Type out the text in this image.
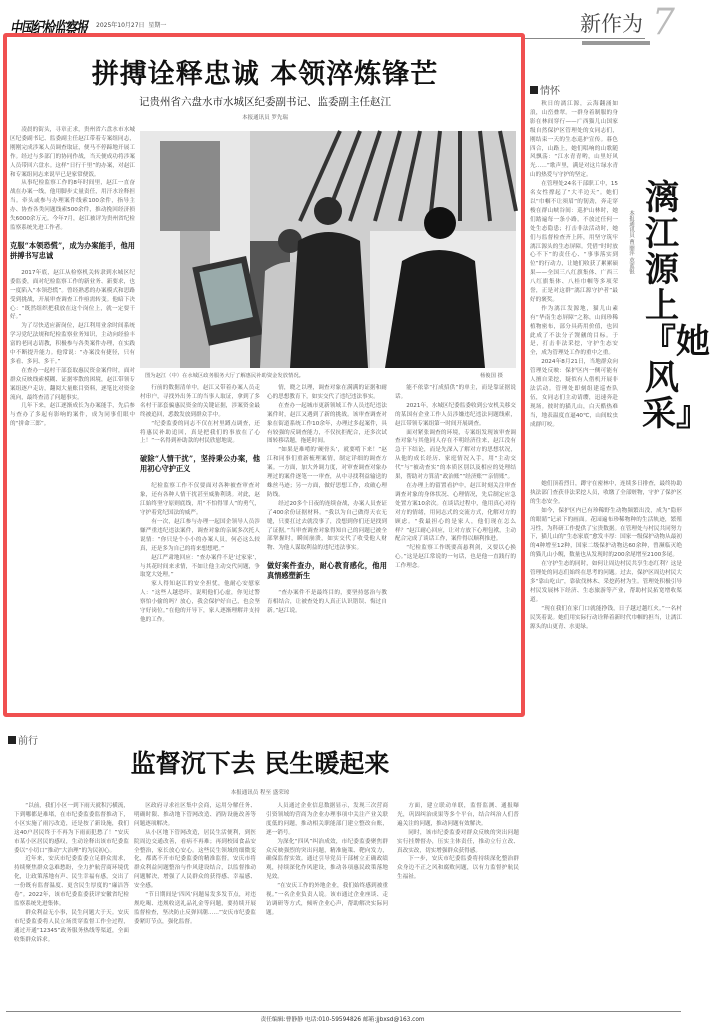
中国纪检监察报 2025年10月27日 星期一	新作为 7
拼搏诠释忠诚 本领淬炼锋芒
记贵州省六盘水市水城区纪委副书记、监委副主任赵江
本报通讯员 罗先瑞

凌晨的街头，寻章正求，贵州省六盘水市水城区纪委副书记、监委副主任赵江带着专案组同志，刚刚完成涉案人员调查取证，便马不停蹄地开展工作。经过与多部门的协同作战，当天便成功将涉案人员带回六盘水。这样“日行千里”的办案，对赵江和专案组同志来说早已是家常便饭。

从事纪检监察工作的8年时间里，赵江一直奋战在办案一线，他用脚步丈量责任，用汗水诠释担当。牵头或参与办理案件线索100余件，指导主办、协查各类问题线索500余件，推动挽回经济损失6000余万元。今年7月，赵江被评为贵州省纪检监察系统先进工作者。

克服“本领恐慌”，成为办案能手，他用拼搏书写忠诚

2017年底，赵江从检察机关转隶到水城区纪委监委，面对纪检监察工作的新业务、新要求，也一度陷入“本领恐慌”。曾经熟悉的办案模式和思路受到挑战，开展审查调查工作亟需转变。他暗下决心：“既然组织把我放在这个岗位上，就一定要干好。”

为了尽快适应新岗位，赵江利用业余时间系统学习党纪法规和纪检监察业务知识，主动向经验丰富的老同志请教，积极参与各类案件办理，在实践中不断提升能力。他常说：“办案没有捷径，只有多看、多问、多干。”

在查办一起村干部套取惠民资金案件时，面对群众反映线索模糊、证据零散的困境，赵江带领专案组逐户走访，翻阅大量账目资料，逐笔比对资金流向，最终查清了问题事实。

几年下来，赵江逐渐成长为办案能手，先后参与查办了多起有影响的案件，成为同事们眼中的“拼命三郎”。

图为赵江（中）在水城区政务服务大厅了解惠民补助资金发放情况。	杨俊国 摄

行前的数据清单中，赵江又带着办案人员走村串户，寻找外出务工的当事人取证，拿到了多名村干部套骗惠民资金的关键证据，涉案资金最终被追回，悉数发放到群众手中。

“纪委监委的同志不仅在村里蹲点调查，还将惠民补助追回，真是把我们的事放在了心上！”一名得到补助款的村民欣慰地说。

破除“人情干扰”，坚持秉公办案，他用初心守护正义

纪检监察工作不仅要面对各种被查审查对象，还有各种人情干扰甚至威胁利诱。对此，赵江始终坚守原则底线，用“不怕得罪人”的勇气，守护着党纪国法的威严。

有一次，赵江参与办理一起国企领导人员涉嫌严重违纪违法案件，调查对象的亲属多次托人说情：“你只是个小小的办案人员，何必这么较真，还是多为自己的将来想想吧。”

赵江严肃地回应：“查办案件不是‘过家家’，与其花时间来求情，不如让他主动交代问题，争取宽大处理。”

家人得知赵江的安全担忧，他耐心安慰家人：“这些人越恐吓，说明他们心虚，你见过警察怕小偷的吗？放心，我会保护好自己，也会坚守好岗位。”在他的开导下，家人逐渐理解并支持他的工作。

情，晓之以理，调查对象在满满的证据和耐心的思想教育下，如实交代了违纪违法事实。

在查办一起城市更新领域工作人员违纪违法案件时，赵江又遇到了新的挑战。该审查调查对象在街道系统工作10余年，办理过多起案件，具有较强的反调查能力，不仅抗拒配合，还多次试图转移话题，拖延时间。

“如果是难啃的‘硬骨头’，就要啃下来！”赵江和同事们重新梳理案情，制定详细的调查方案。一方面，加大外调力度，对审查调查对象办理过的案件逐笔一一审查，从中寻找利益输送的蛛丝马迹；另一方面，做好思想工作，攻破心理防线。

经过20多个日夜的连续奋战，办案人员查证了400余份证据材料。“我以为自己做得天衣无缝，只要扛过去就没事了，没想到你们还是找到了证据。”当审查调查对象得知自己的问题已被全部掌握时，瞬间崩溃，如实交代了收受他人财物、为他人谋取利益的违纪违法事实。

做好案件查办，耐心教育感化，他用真情感塑新生

“查办案件不是最终目的，要坚持惩治与教育相结合，让被查处的人真正认识错误、悔过自新。”赵江说。

能不依靠“打成招供”的单主，而是靠证据说话。

2021年，水城区纪委监委收到公安机关移交的某国有企业工作人员涉嫌违纪违法问题线索，赵江带领专案组第一时间开展调查。

面对紧张调查的环境，专案组发现该审查调查对象与其他同人存在不明经济往来，赵江没有急于下结论，而是先深入了解对方的思想状况，从他的成长经历、家庭情况入手，用“主动交代”与“被动查实”的本质区别以及相应的处理结果，帮助对方算清“政治账”“经济账”“亲情账”。

在办理上的留置看护中，赵江时刻关注审查调查对象的身体状况、心理情况，先后制定应急处置方案10余次。在谈话过程中，他用真心对待对方的情绪，用同志式的交流方式，化解对方的顾虑。“我最担心的是家人，他们现在怎么样？”赵江耐心回应，让对方放下心理包袱，主动配合完成了谈话工作，案件得以顺利推进。

“纪检监察工作既要高悬利剑，又要以心换心。”这是赵江常说的一句话，也是他一直践行的工作理念。

情怀

秋日的漓江源，云海翻涌如浪，山峦叠翠。一群身着制服的身影在林间穿行——广西猫儿山国家级自然保护区管理处的女同志们，刚结束一天的生态巡护宣传。暮色四合，山路上，她们唱响的山歌随风飘荡：“江水青青哟，山里好风光……”歌声里，满是对这片绿水青山的热爱与守护的坚定。

在管理处24名干部职工中，15名女性撑起了“大半边天”。她们以“巾帼不让须眉”的韧劲，奔走穿梭在群山峡谷间：巡护山林时，她们踏遍每一条小路，不放过任何一处生态隐患；打击非法活动时，她们与监督检查齐上阵，用坚守筑牢漓江源头的生态屏障。凭借“时时放心不下”的责任心、“事事落实到位”的行动力，让她们收获了累累硕果——全国三八红旗集体、广西三八红旗集体、八桂巾帼等多项荣誉，正是对这群“漓江源守护者”最好的褒奖。

作为漓江发源地，猫儿山素有“华南生态屏障”之称，山间珍稀植物密布，部分具药用价值，也因此成了不法分子觊觎的目标。于是，打击非法采挖，守护生态安全，成为管理处工作的重中之重。

2024年8月21日，当地群众向管理处反映：保护区内一侧可能有人擅自采挖，疑似有人借机开展非法活动。管理处即刻组建巡查队伍，女同志们主动请缨，迅速奔赴现场。彼时的猫儿山，白天酷热难当，地表温度直逼40℃，山间蚊虫成群叮咬。

本报通讯员 曹丽萍 莫蓝银
漓江源上『她风采』

她们顶着烈日，蹲守在密林中，连续多日排查，最终协助执法部门查获非法采挖人员，收缴了全部赃物，守护了保护区的生态安全。

如今，保护区内已有珍稀野生动物频繁出没，成为“隐形的眼睛”记录下的画面。花园遍布珍稀物种的生活轨迹，繁殖习性，为科研工作提供了宝贵数据。在管理处与村民共同努力下，猫儿山的“生态家底”愈发丰厚：国家一级保护动物从最初的4种增至12种，国家二级保护动物达60余种，曾濒临灭绝的猫儿山小鲵，数量也从发现时的200余尾增至2100多尾。

在守护生态的同时，如何让周边村民共享生态红利？这是管理处的同志们始终在思考的问题。过去，保护区周边村民大多“靠山吃山”，靠砍伐林木、采挖药材为生。管理处积极引导村民发展林下经济、生态旅游等产业，帮助村民拓宽增收渠道。

“现在我们在家门口就能挣钱，日子越过越红火。”一名村民笑着说。她们用实际行动诠释着新时代巾帼的担当，让漓江源头的山更青、水更绿。

前行
监督沉下去 民生暖起来
本报通讯员 程至 盛荣琼

“以前，我们小区一到下雨天就积污横流，下到哪都是难堵，在市纪委监委监督推动下，小区实施了雨污改造，还是按了新设施，我们这40户居民终于不再为下雨而犯愁了！”安庆市某小区居民的感叹，生动诠释出该市纪委监委以“小切口”推动“大治理”的为民初心。

近年来，安庆市纪委监委立足群众需求，持续聚焦群众急难愁盼，全力护航营商环境优化，让政策落地有声、民生幸福有感，交出了一份既有监督温度、更含民生厚度的“廉洁答卷”。2022年，该市纪委监委获评安徽省纪检监察系统先进集体。

群众利益无小事，民生问题大于天。安庆市纪委监委将人民立场贯穿监督工作全过程，通过开通“12345”政务服务热线等渠道，全面收集群众诉求。

区政府寻求社区集中会商，运用分解任务、明确时限、推动地下管网改造、消防设施改善等问题逐项解决。

从小区地下管网改造，居民生活便利，到医院周边交通改善，看病不再难；再到校园食品安全整治，家长放心安心。这些民生领域的细微变化，都离不开市纪委监委的精准监督。安庆市将群众利益问题整治与作风建设结合，以监督推动问题解决，增强了人民群众的获得感、幸福感、安全感。

“节日期间是‘四风’问题易发多发节点，对违规吃喝、违规收送礼品礼金等问题，要持续开展监督检查，坚决防止反弹回潮……”安庆市纪委监委紧盯节点，强化监督。

人员通过企业信息数据显示，发现三次营商引资领域的营商为企业办理事项中关注产业关联度低的问题，推动相关职能部门建立整改台账，逐一销号。

为深化“四风”纠治成效，市纪委监委聚焦群众反映强烈的突出问题，精准施策、靶向发力，确保监督实效。通过引导党员干部树立正确政绩观，持续深化作风建设，推动各项惠民政策落地见效。

“在安庆工作的外地企业，我们始终感到被重视。”一名企业负责人说。该市通过企业座谈、走访调研等方式，倾听企业心声，帮助解决实际问题。

方面，建立联动单联，监督监测、通报曝光，巩固纠治成果等多个平台，结合纠治人们普遍关注的问题，推动问题有效解决。

同时，该市纪委监委对群众反映的突出问题实行挂牌督办，压实主体责任，推动立行立改、真改实改，切实增强群众获得感。

下一步，安庆市纪委监委将持续深化整治群众身边不正之风和腐败问题，以有力监督护航民生福祉。

责任编辑:曹静静 电话:010-59594826 邮箱:jjbxsd@163.com
